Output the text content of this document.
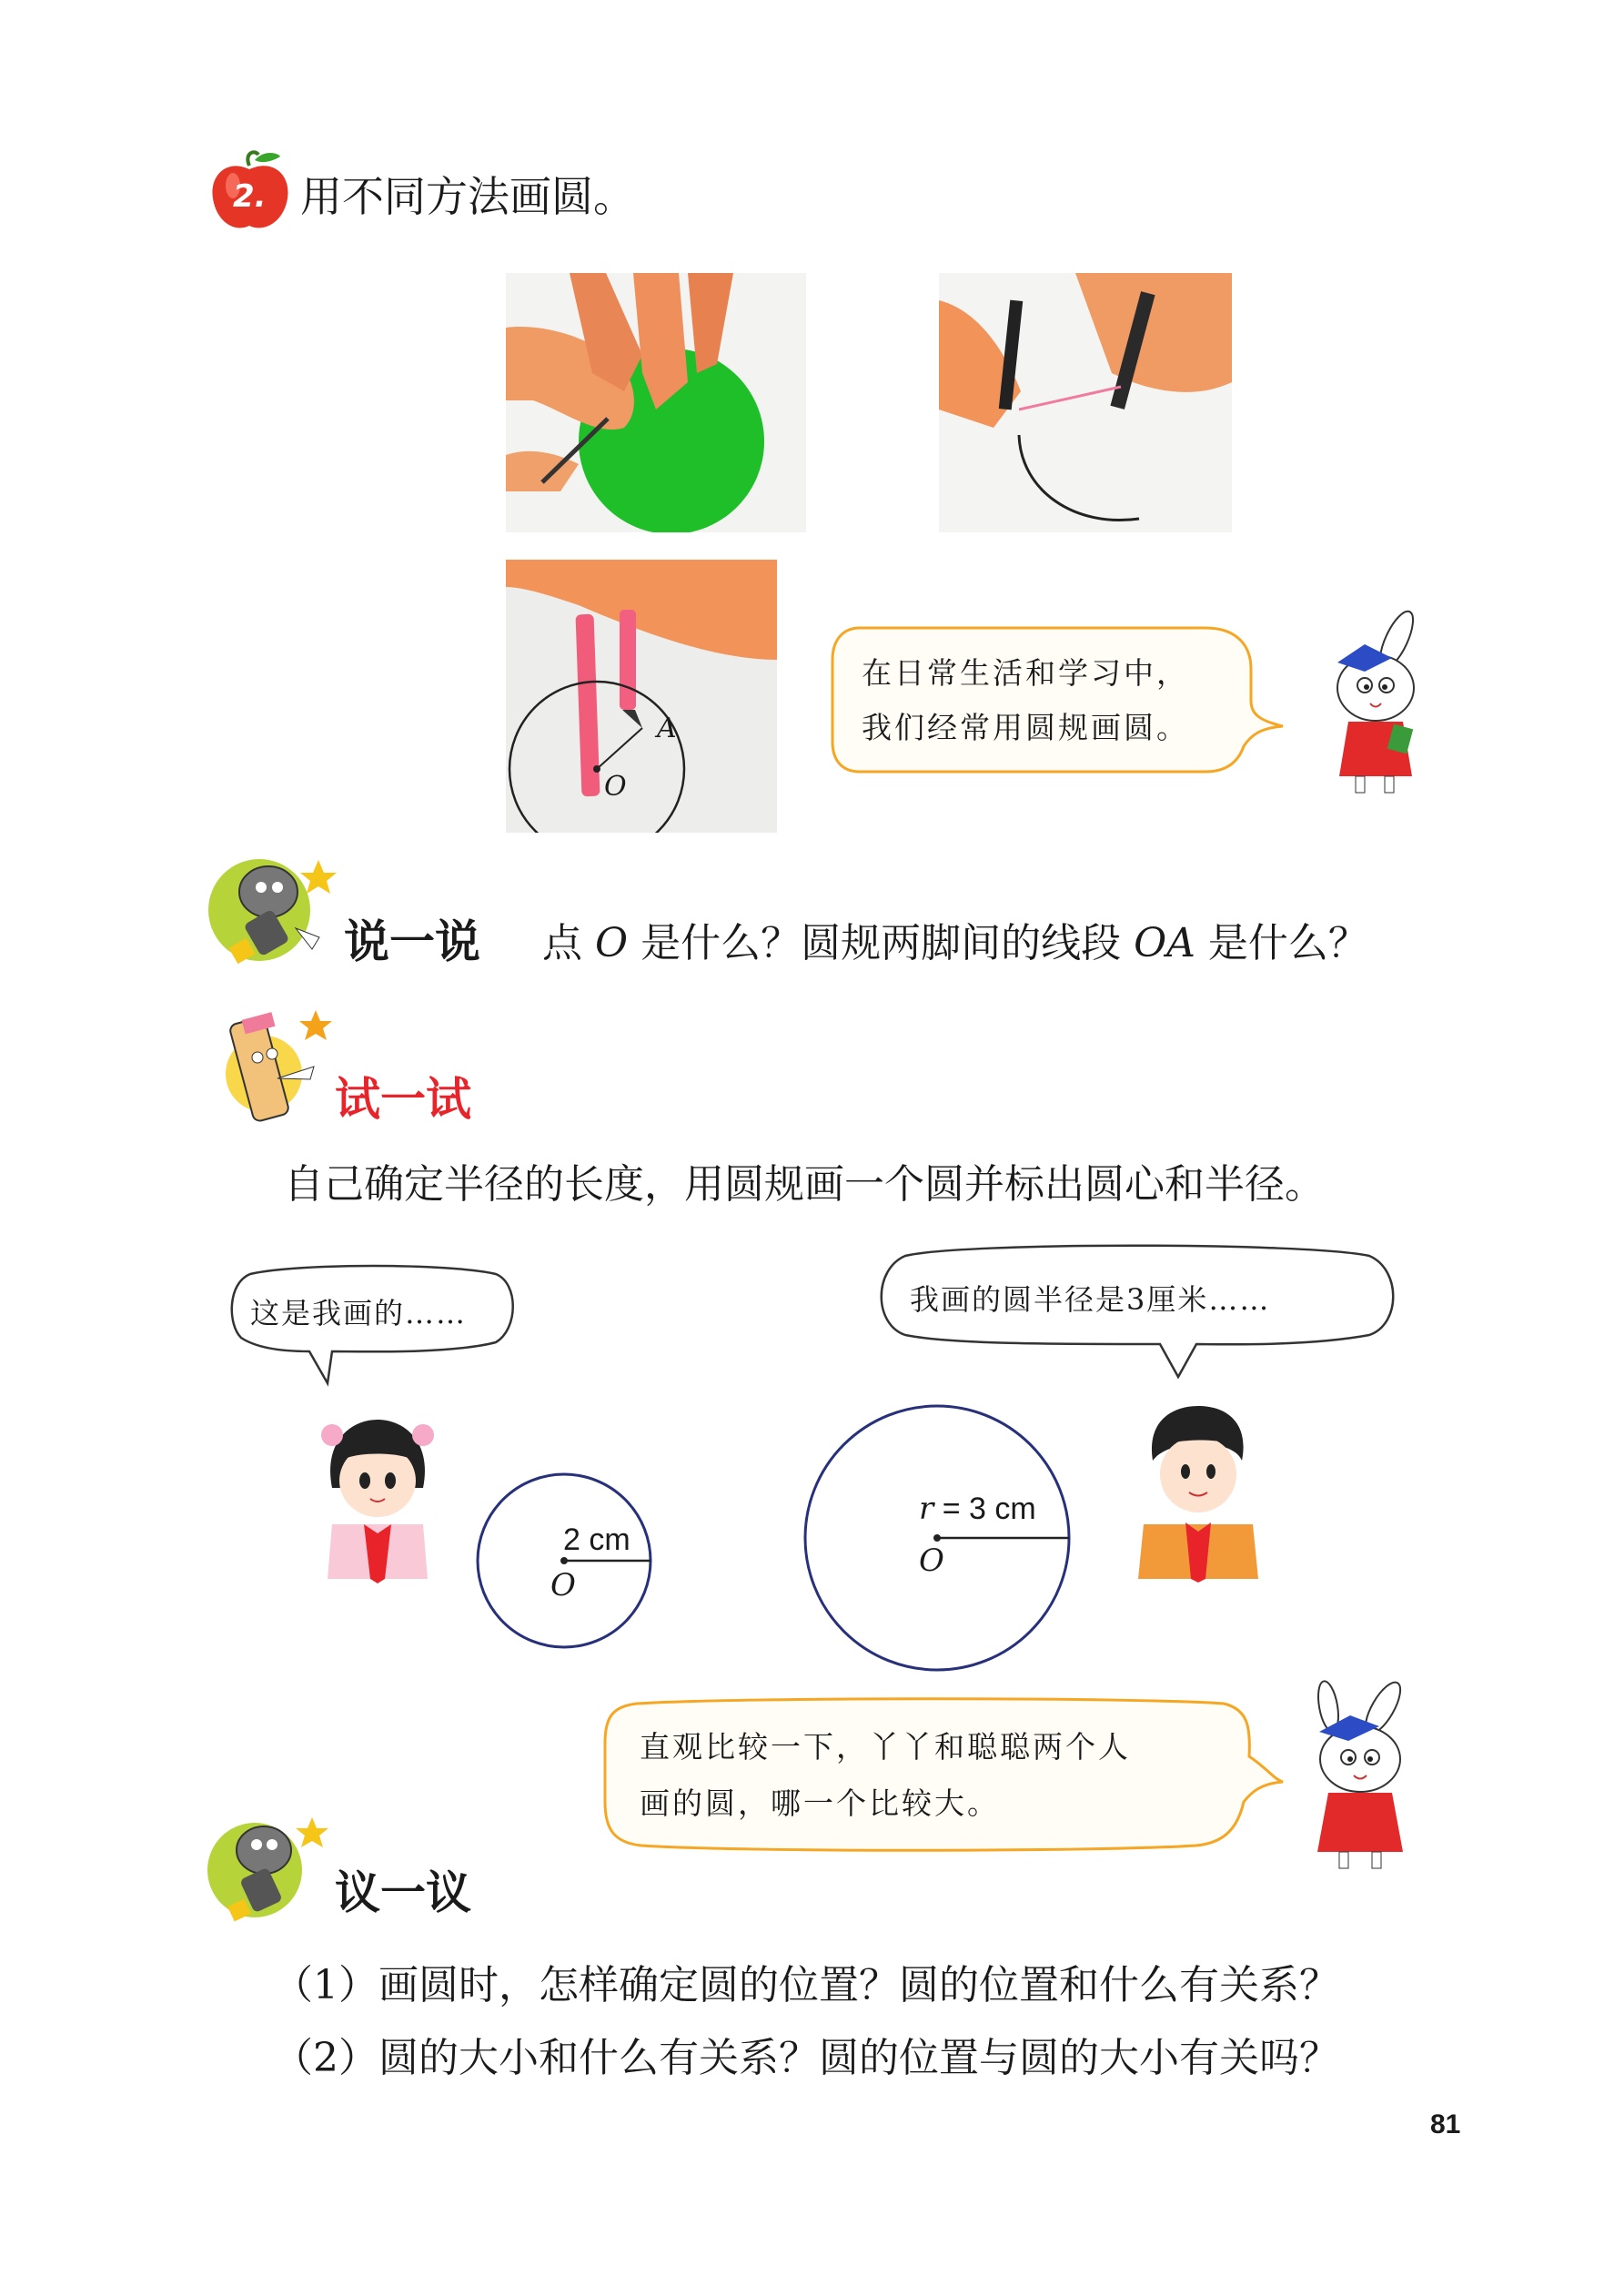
2. 用不同方法画圆。
A
O
在日常生活和学习中，
我们经常用圆规画圆。
说一说 点 O 是什么？圆规两脚间的线段 OA 是什么？
试一试
自己确定半径的长度，用圆规画一个圆并标出圆心和半径。
这是我画的……
2 cm
O
我画的圆半径是3厘米……
r = 3 cm
O
直观比较一下，丫丫和聪聪两个人
画的圆，哪一个比较大。
议一议
（1）画圆时，怎样确定圆的位置？圆的位置和什么有关系？
（2）圆的大小和什么有关系？圆的位置与圆的大小有关吗？
81
